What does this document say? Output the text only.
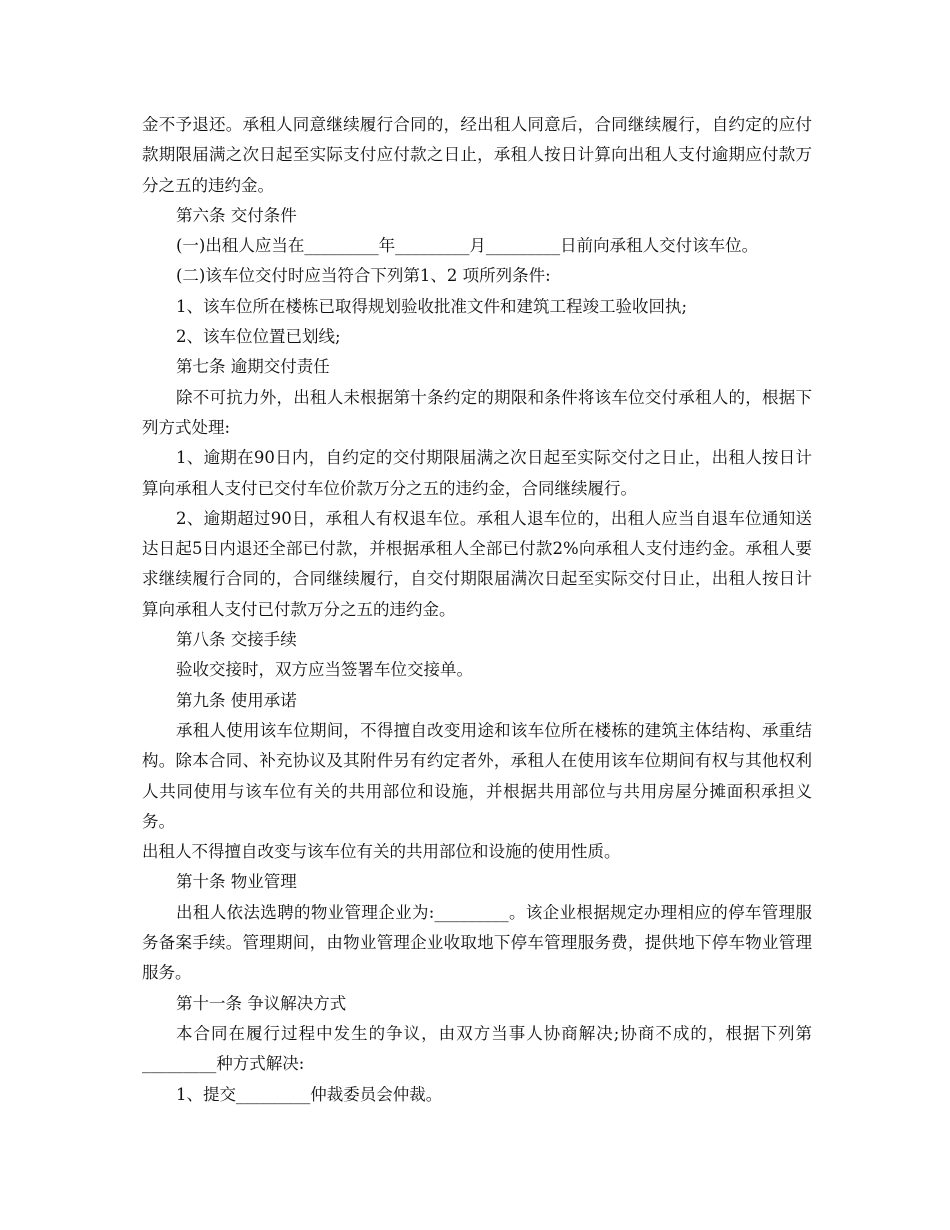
金不予退还。承租人同意继续履行合同的，经出租人同意后，合同继续履行，自约定的应付款期限届满之次日起至实际支付应付款之日止，承租人按日计算向出租人支付逾期应付款万分之五的违约金。

第六条 交付条件

(一)出租人应当在_________年_________月_________日前向承租人交付该车位。

(二)该车位交付时应当符合下列第1、2 项所列条件:

1、该车位所在楼栋已取得规划验收批准文件和建筑工程竣工验收回执;

2、该车位位置已划线;

第七条 逾期交付责任

除不可抗力外，出租人未根据第十条约定的期限和条件将该车位交付承租人的，根据下列方式处理:

1、逾期在90日内，自约定的交付期限届满之次日起至实际交付之日止，出租人按日计算向承租人支付已交付车位价款万分之五的违约金，合同继续履行。

2、逾期超过90日，承租人有权退车位。承租人退车位的，出租人应当自退车位通知送达日起5日内退还全部已付款，并根据承租人全部已付款2%向承租人支付违约金。承租人要求继续履行合同的，合同继续履行，自交付期限届满次日起至实际交付日止，出租人按日计算向承租人支付已付款万分之五的违约金。

第八条 交接手续

验收交接时，双方应当签署车位交接单。

第九条 使用承诺

承租人使用该车位期间，不得擅自改变用途和该车位所在楼栋的建筑主体结构、承重结构。除本合同、补充协议及其附件另有约定者外，承租人在使用该车位期间有权与其他权利人共同使用与该车位有关的共用部位和设施，并根据共用部位与共用房屋分摊面积承担义务。

出租人不得擅自改变与该车位有关的共用部位和设施的使用性质。

第十条 物业管理

出租人依法选聘的物业管理企业为:_________。该企业根据规定办理相应的停车管理服务备案手续。管理期间，由物业管理企业收取地下停车管理服务费，提供地下停车物业管理服务。

第十一条 争议解决方式

本合同在履行过程中发生的争议，由双方当事人协商解决;协商不成的，根据下列第_________种方式解决:

1、提交_________仲裁委员会仲裁。
